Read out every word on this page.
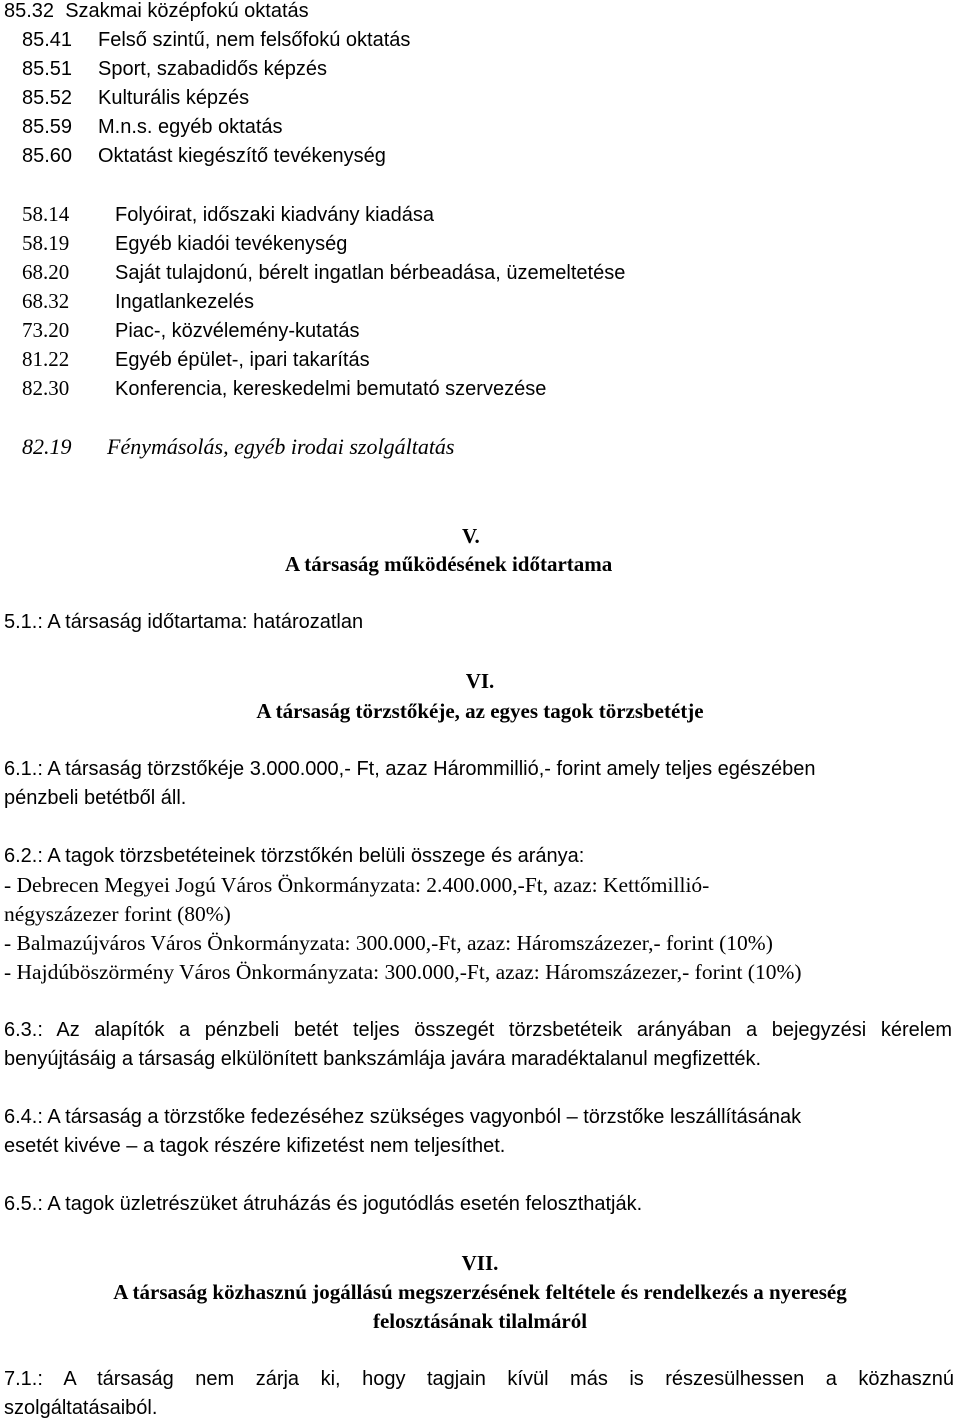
85.32 Szakmai középfokú oktatás
85.41 Felső szintű, nem felsőfokú oktatás
85.51 Sport, szabadidős képzés
85.52 Kulturális képzés
85.59 M.n.s. egyéb oktatás
85.60 Oktatást kiegészítő tevékenység
58.14 Folyóirat, időszaki kiadvány kiadása
58.19 Egyéb kiadói tevékenység
68.20 Saját tulajdonú, bérelt ingatlan bérbeadása, üzemeltetése
68.32 Ingatlankezelés
73.20 Piac-, közvélemény-kutatás
81.22 Egyéb épület-, ipari takarítás
82.30 Konferencia, kereskedelmi bemutató szervezése
82.19 Fénymásolás, egyéb irodai szolgáltatás
V.
A társaság működésének időtartama
5.1.: A társaság időtartama: határozatlan
VI.
A társaság törzstőkéje, az egyes tagok törzsbetétje
6.1.: A társaság törzstőkéje 3.000.000,- Ft, azaz Hárommillió,- forint amely teljes egészében
pénzbeli betétből áll.
6.2.: A tagok törzsbetéteinek törzstőkén belüli összege és aránya:
- Debrecen Megyei Jogú Város Önkormányzata: 2.400.000,-Ft, azaz: Kettőmillió-
négyszázezer forint (80%)
- Balmazújváros Város Önkormányzata: 300.000,-Ft, azaz: Háromszázezer,- forint (10%)
- Hajdúböszörmény Város Önkormányzata: 300.000,-Ft, azaz: Háromszázezer,- forint (10%)
6.3.: Az alapítók a pénzbeli betét teljes összegét törzsbetéteik arányában a bejegyzési kérelem
benyújtásáig a társaság elkülönített bankszámlája javára maradéktalanul megfizették.
6.4.: A társaság a törzstőke fedezéséhez szükséges vagyonból – törzstőke leszállításának
esetét kivéve – a tagok részére kifizetést nem teljesíthet.
6.5.: A tagok üzletrészüket átruházás és jogutódlás esetén feloszthatják.
VII.
A társaság közhasznú jogállású megszerzésének feltétele és rendelkezés a nyereség
felosztásának tilalmáról
7.1.: A társaság nem zárja ki, hogy tagjain kívül más is részesülhessen a közhasznú
szolgáltatásaiból.
